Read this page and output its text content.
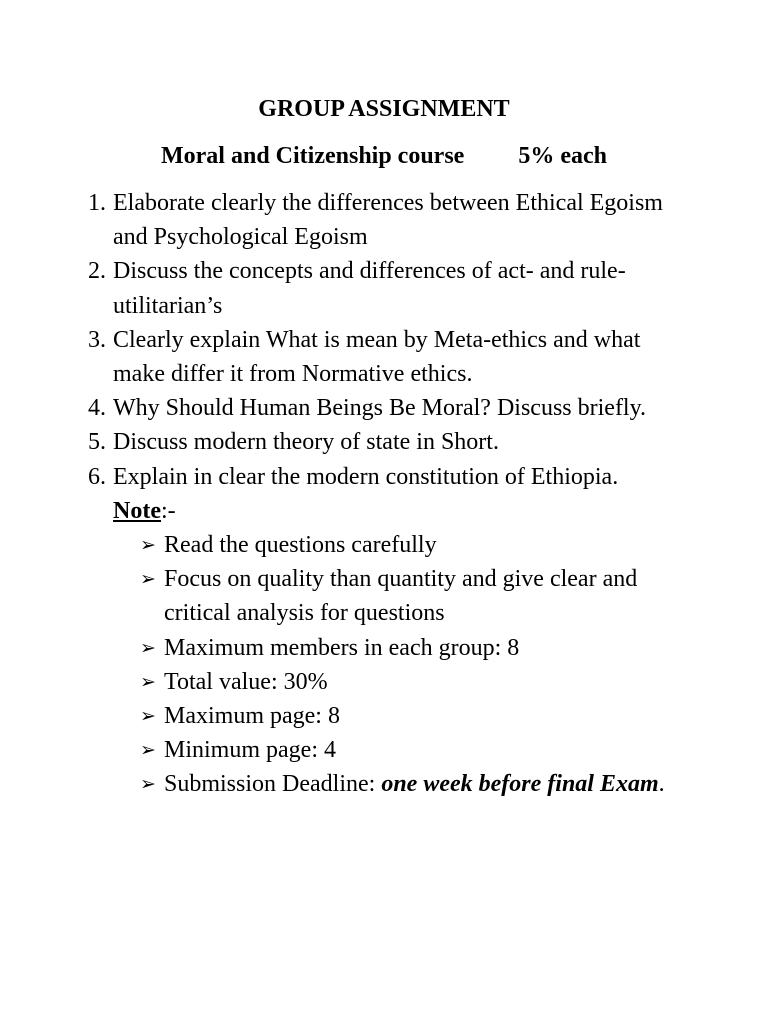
GROUP ASSIGNMENT
Moral and Citizenship course 5% each
1. Elaborate clearly the differences between Ethical Egoism and Psychological Egoism
2. Discuss the concepts and differences of act- and rule-utilitarian’s
3. Clearly explain What is mean by Meta-ethics and what make differ it from Normative ethics.
4. Why Should Human Beings Be Moral? Discuss briefly.
5. Discuss modern theory of state in Short.
6. Explain in clear the modern constitution of Ethiopia.
Note:-
➢ Read the questions carefully
➢ Focus on quality than quantity and give clear and critical analysis for questions
➢ Maximum members in each group: 8
➢ Total value: 30%
➢ Maximum page: 8
➢ Minimum page: 4
➢ Submission Deadline: one week before final Exam.
